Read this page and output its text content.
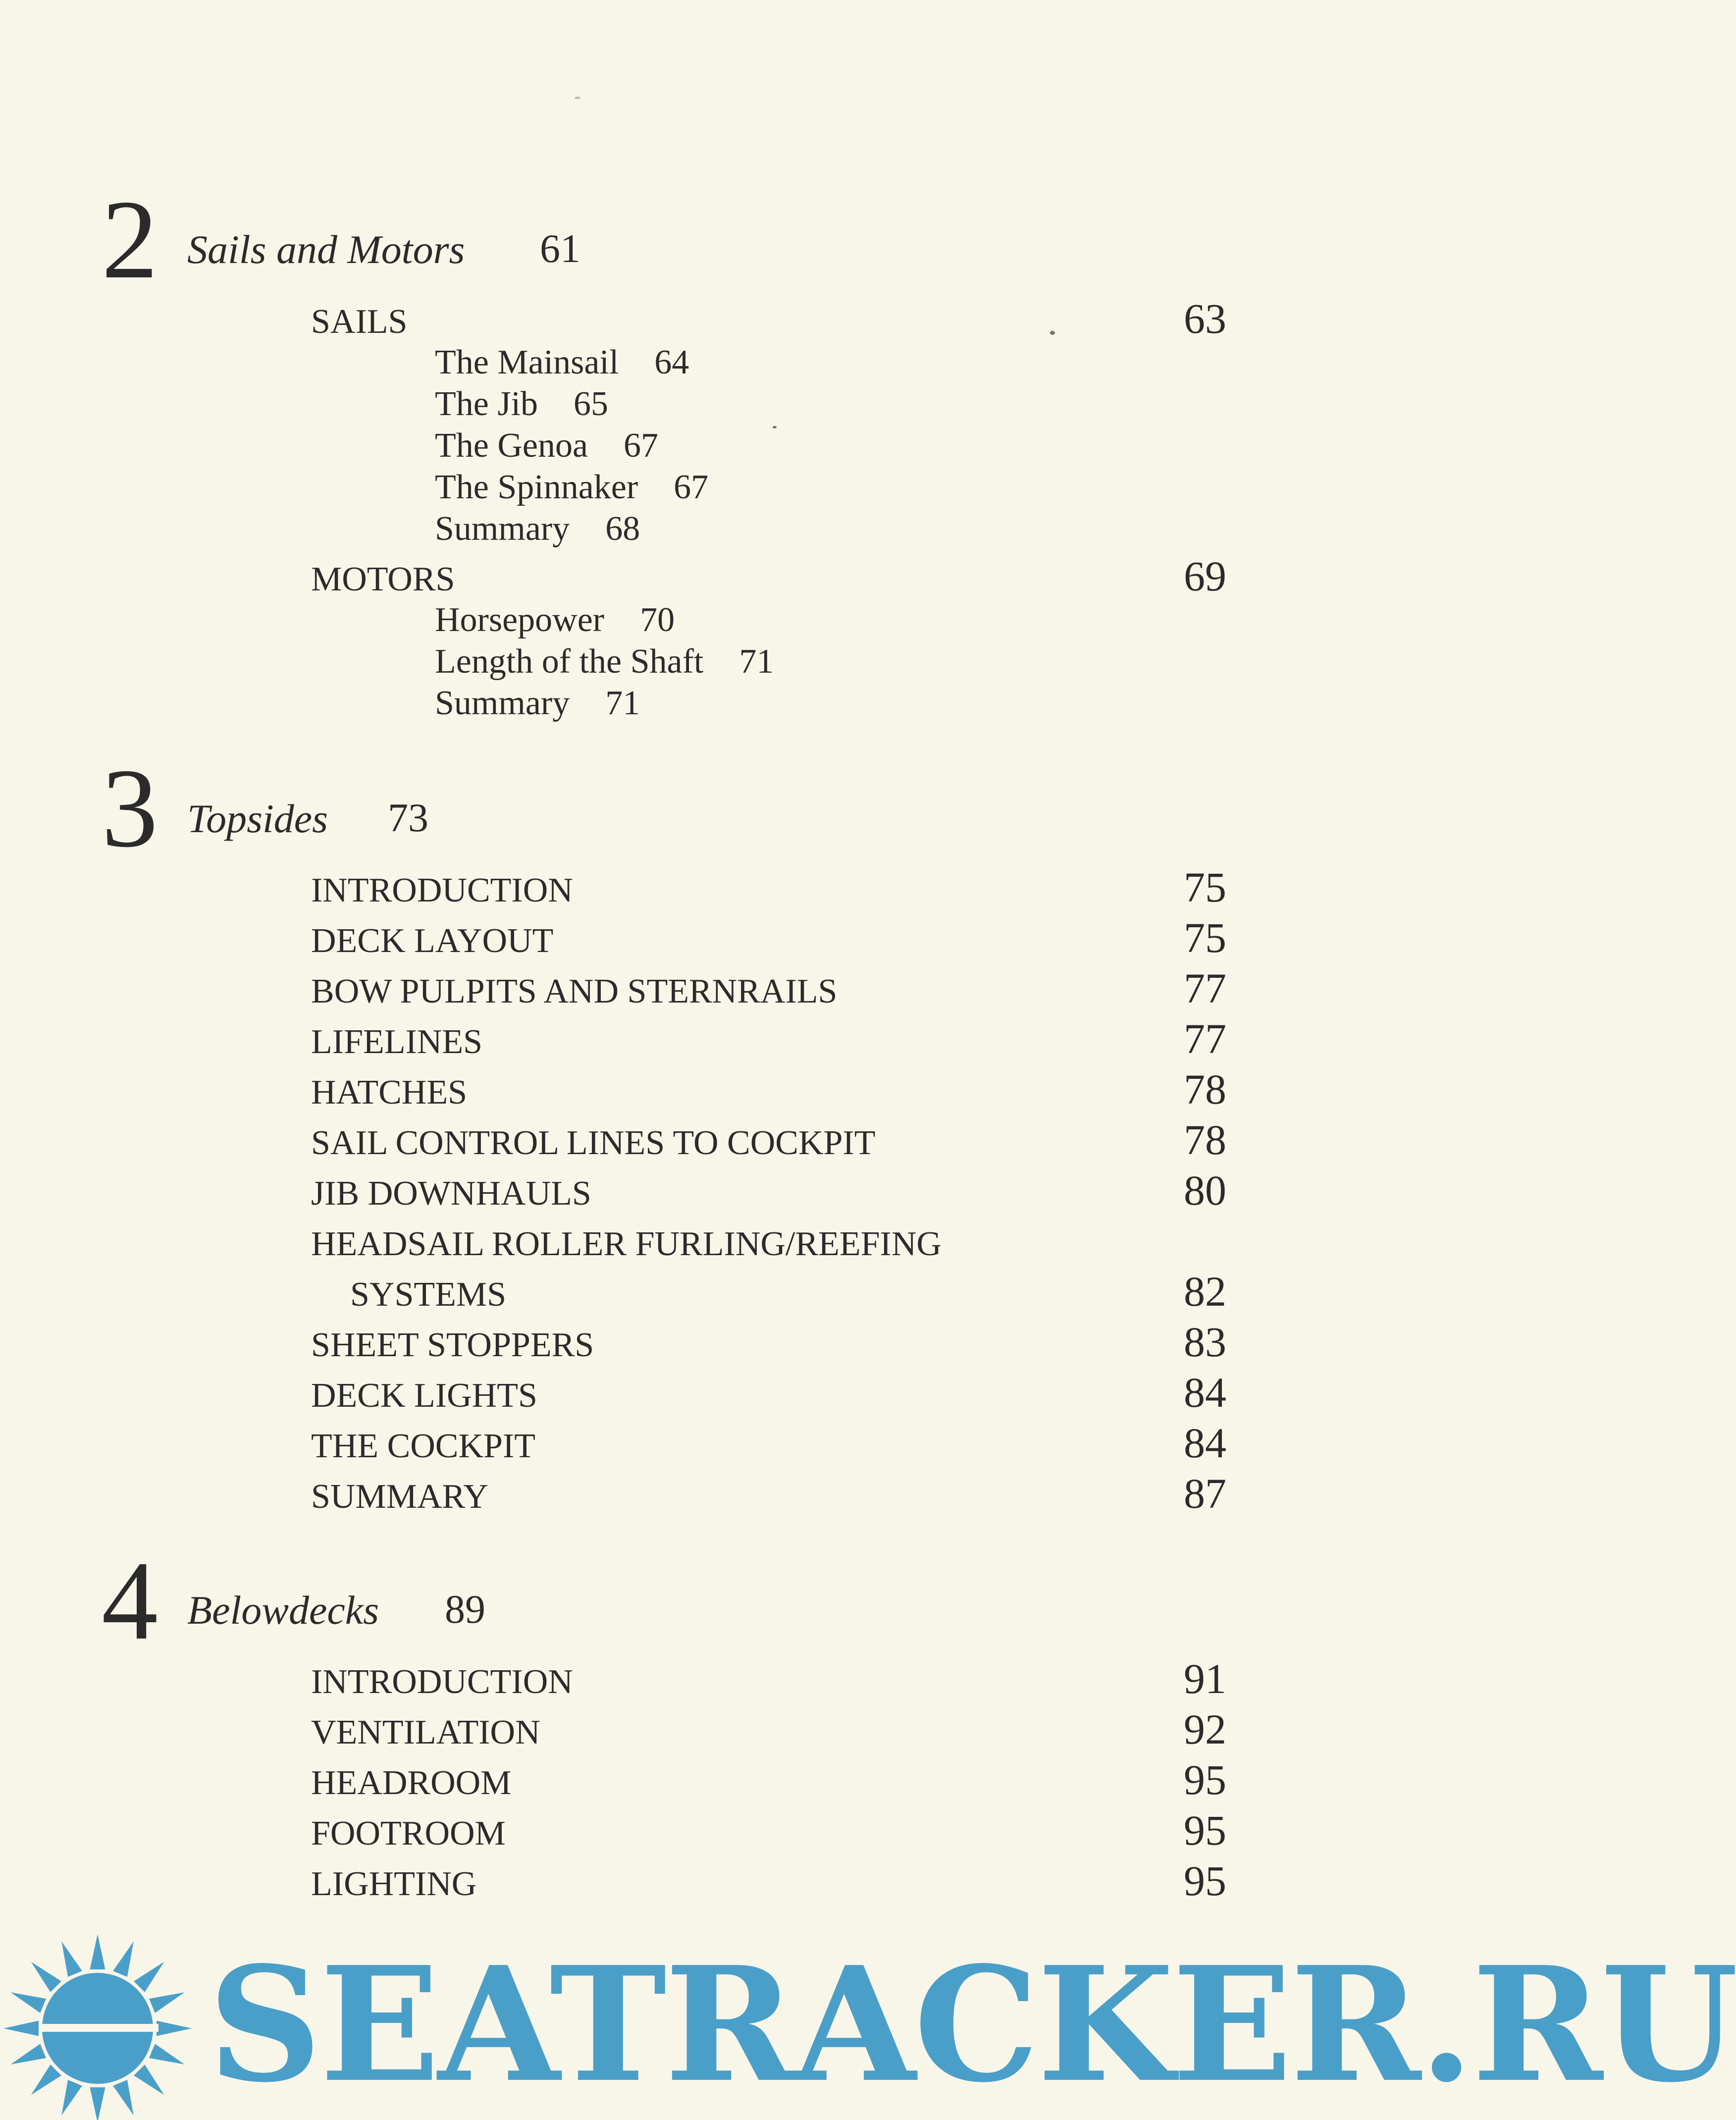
2 Sails and Motors 61
SAILS	63
The Mainsail 64
The Jib 65
The Genoa 67
The Spinnaker 67
Summary 68
MOTORS	69
Horsepower 70
Length of the Shaft 71
Summary 71
3 Topsides 73
INTRODUCTION	75
DECK LAYOUT	75
BOW PULPITS AND STERNRAILS	77
LIFELINES	77
HATCHES	78
SAIL CONTROL LINES TO COCKPIT	78
JIB DOWNHAULS	80
HEADSAIL ROLLER FURLING/REEFING
SYSTEMS	82
SHEET STOPPERS	83
DECK LIGHTS	84
THE COCKPIT	84
SUMMARY	87
4 Belowdecks 89
INTRODUCTION	91
VENTILATION	92
HEADROOM	95
FOOTROOM	95
LIGHTING	95
SEATRACKER.RU
